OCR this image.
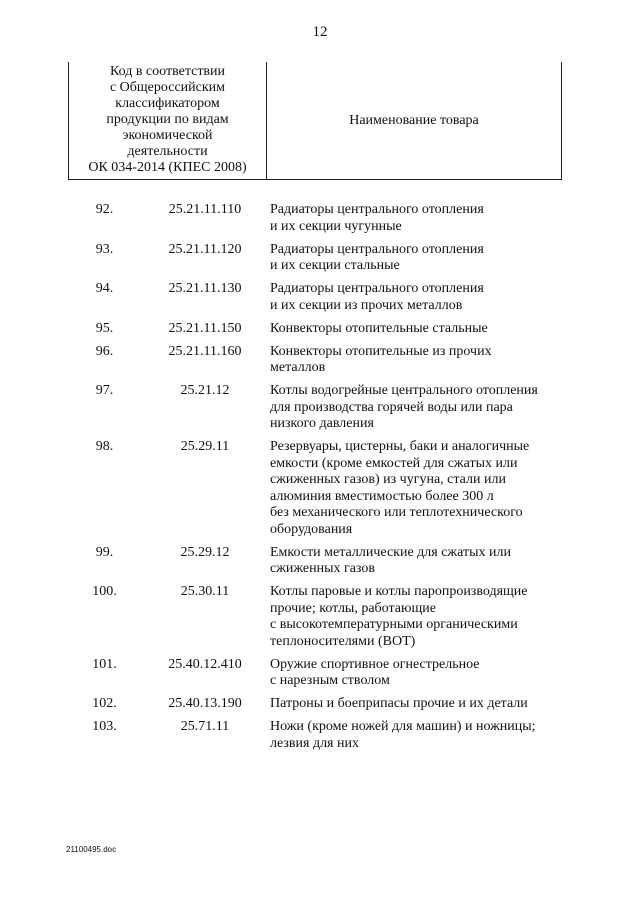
12
Код в соответствии
с Общероссийским
классификатором
продукции по видам
экономической
деятельности
ОК 034-2014 (КПЕС 2008)
	Наименование товара
92.	25.21.11.110	Радиаторы центрального отопления
и их секции чугунные
93.	25.21.11.120	Радиаторы центрального отопления
и их секции стальные
94.	25.21.11.130	Радиаторы центрального отопления
и их секции из прочих металлов
95.	25.21.11.150	Конвекторы отопительные стальные
96.	25.21.11.160	Конвекторы отопительные из прочих
металлов
97.	25.21.12	Котлы водогрейные центрального отопления
для производства горячей воды или пара
низкого давления
98.	25.29.11	Резервуары, цистерны, баки и аналогичные
емкости (кроме емкостей для сжатых или
сжиженных газов) из чугуна, стали или
алюминия вместимостью более 300 л
без механического или теплотехнического
оборудования
99.	25.29.12	Емкости металлические для сжатых или
сжиженных газов
100.	25.30.11	Котлы паровые и котлы паропроизводящие
прочие; котлы, работающие
с высокотемпературными органическими
теплоносителями (ВОТ)
101.	25.40.12.410	Оружие спортивное огнестрельное
с нарезным стволом
102.	25.40.13.190	Патроны и боеприпасы прочие и их детали
103.	25.71.11	Ножи (кроме ножей для машин) и ножницы;
лезвия для них
21100495.doc
